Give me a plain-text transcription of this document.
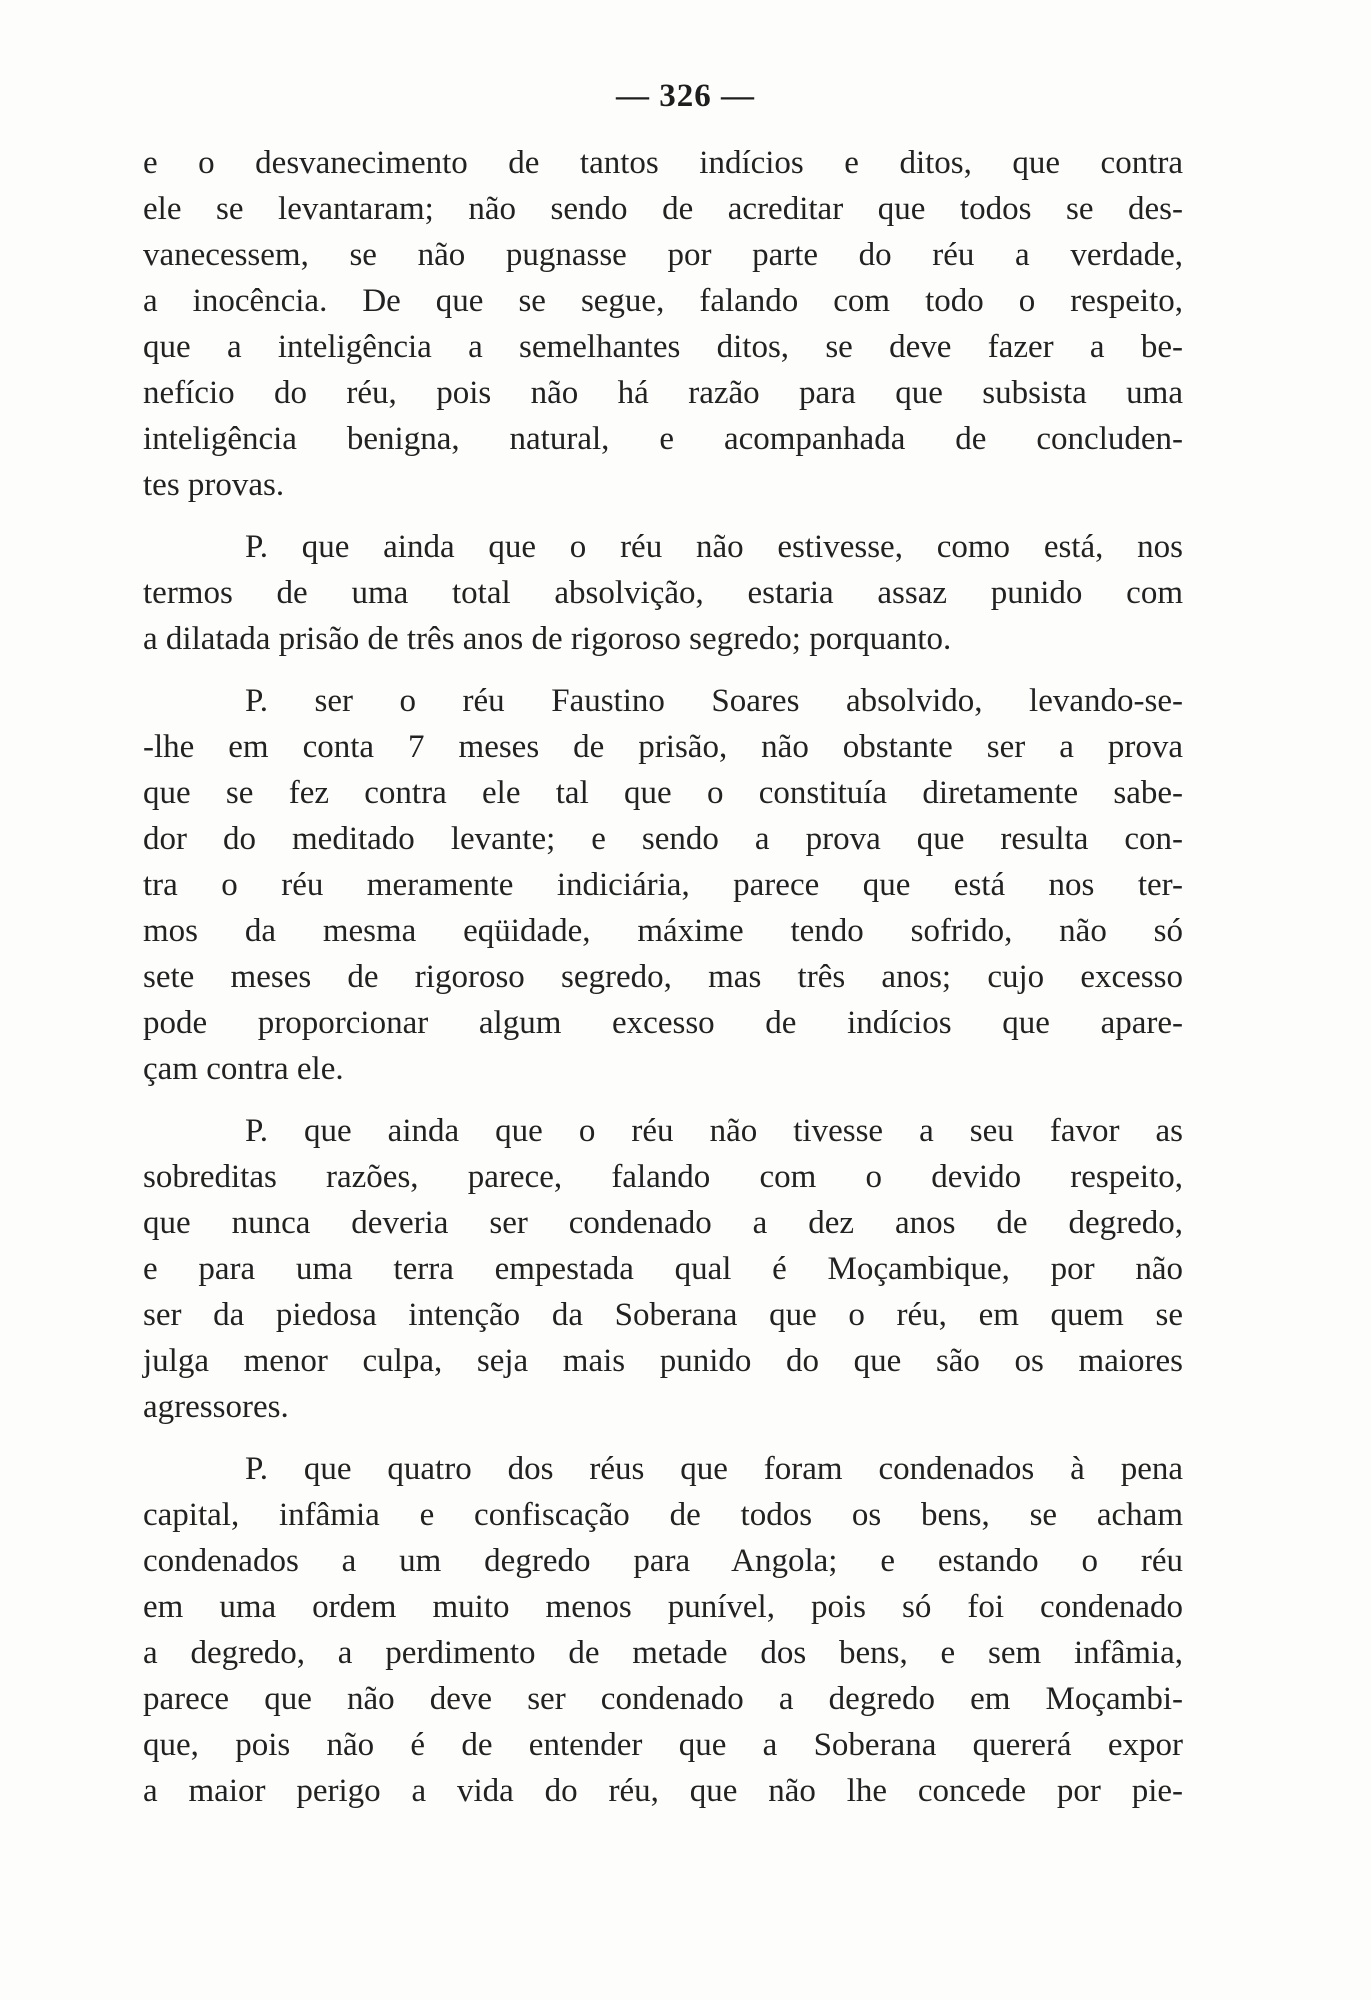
— 326 —
e o desvanecimento de tantos indícios e ditos, que contra
ele se levantaram; não sendo de acreditar que todos se des-
vanecessem, se não pugnasse por parte do réu a verdade,
a inocência. De que se segue, falando com todo o respeito,
que a inteligência a semelhantes ditos, se deve fazer a be-
nefício do réu, pois não há razão para que subsista uma
inteligência benigna, natural, e acompanhada de concluden-
tes provas.
P. que ainda que o réu não estivesse, como está, nos
termos de uma total absolvição, estaria assaz punido com
a dilatada prisão de três anos de rigoroso segredo; porquanto.
P. ser o réu Faustino Soares absolvido, levando-se-
-lhe em conta 7 meses de prisão, não obstante ser a prova
que se fez contra ele tal que o constituía diretamente sabe-
dor do meditado levante; e sendo a prova que resulta con-
tra o réu meramente indiciária, parece que está nos ter-
mos da mesma eqüidade, máxime tendo sofrido, não só
sete meses de rigoroso segredo, mas três anos; cujo excesso
pode proporcionar algum excesso de indícios que apare-
çam contra ele.
P. que ainda que o réu não tivesse a seu favor as
sobreditas razões, parece, falando com o devido respeito,
que nunca deveria ser condenado a dez anos de degredo,
e para uma terra empestada qual é Moçambique, por não
ser da piedosa intenção da Soberana que o réu, em quem se
julga menor culpa, seja mais punido do que são os maiores
agressores.
P. que quatro dos réus que foram condenados à pena
capital, infâmia e confiscação de todos os bens, se acham
condenados a um degredo para Angola; e estando o réu
em uma ordem muito menos punível, pois só foi condenado
a degredo, a perdimento de metade dos bens, e sem infâmia,
parece que não deve ser condenado a degredo em Moçambi-
que, pois não é de entender que a Soberana quererá expor
a maior perigo a vida do réu, que não lhe concede por pie-
